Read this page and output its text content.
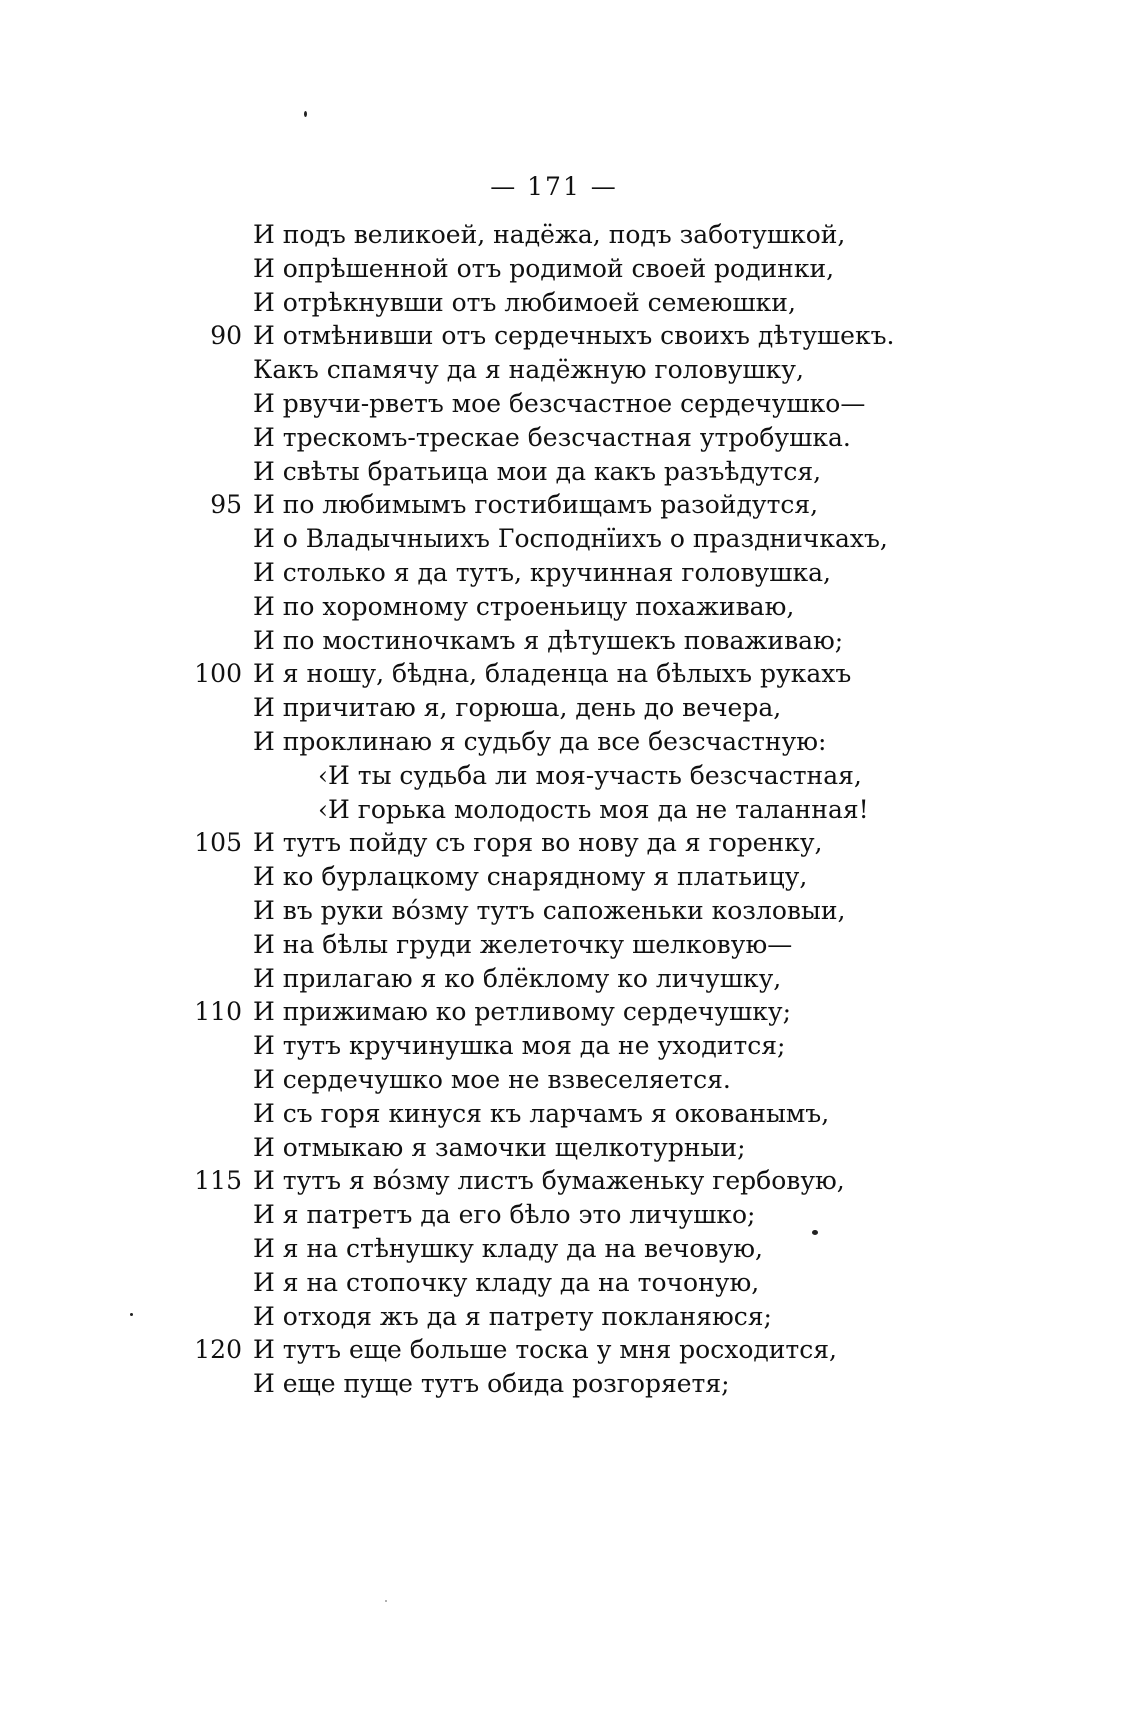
— 171 —
И подъ великоей, надёжа, подъ заботушкой,
И опрѣшенной отъ родимой своей родинки,
И отрѣкнувши отъ любимоей семеюшки,
90 И отмѣнивши отъ сердечныхъ своихъ дѣтушекъ.
Какъ спамячу да я надёжную головушку,
И рвучи-рветъ мое безсчастное сердечушко—
И трескомъ-трескае безсчастная утробушка.
И свѣты братьица мои да какъ разъѣдутся,
95 И по любимымъ гостибищамъ разойдутся,
И о Владычныихъ Господнїихъ о праздничкахъ,
И столько я да тутъ, кручинная головушка,
И по хоромному строеньицу похаживаю,
И по мостиночкамъ я дѣтушекъ поваживаю;
100 И я ношу, бѣдна, бладенца на бѣлыхъ рукахъ
И причитаю я, горюша, день до вечера,
И проклинаю я судьбу да все безсчастную:
‹И ты судьба ли моя-участь безсчастная,
‹И горька молодость моя да не таланная!
105 И тутъ пойду съ горя во нову да я горенку,
И ко бурлацкому снарядному я платьицу,
И въ руки во́зму тутъ сапоженьки козловыи,
И на бѣлы груди желеточку шелковую—
И прилагаю я ко блёклому ко личушку,
110 И прижимаю ко ретливому сердечушку;
И тутъ кручинушка моя да не уходится;
И сердечушко мое не взвеселяется.
И съ горя кинуся къ ларчамъ я окованымъ,
И отмыкаю я замочки щелкотурныи;
115 И тутъ я во́зму листъ бумаженьку гербовую,
И я патретъ да его бѣло это личушко;
И я на стѣнушку кладу да на вечовую,
И я на стопочку кладу да на точоную,
И отходя жъ да я патрету покланяюся;
120 И тутъ еще больше тоска у мня росходится,
И еще пуще тутъ обида розгоряетя;
